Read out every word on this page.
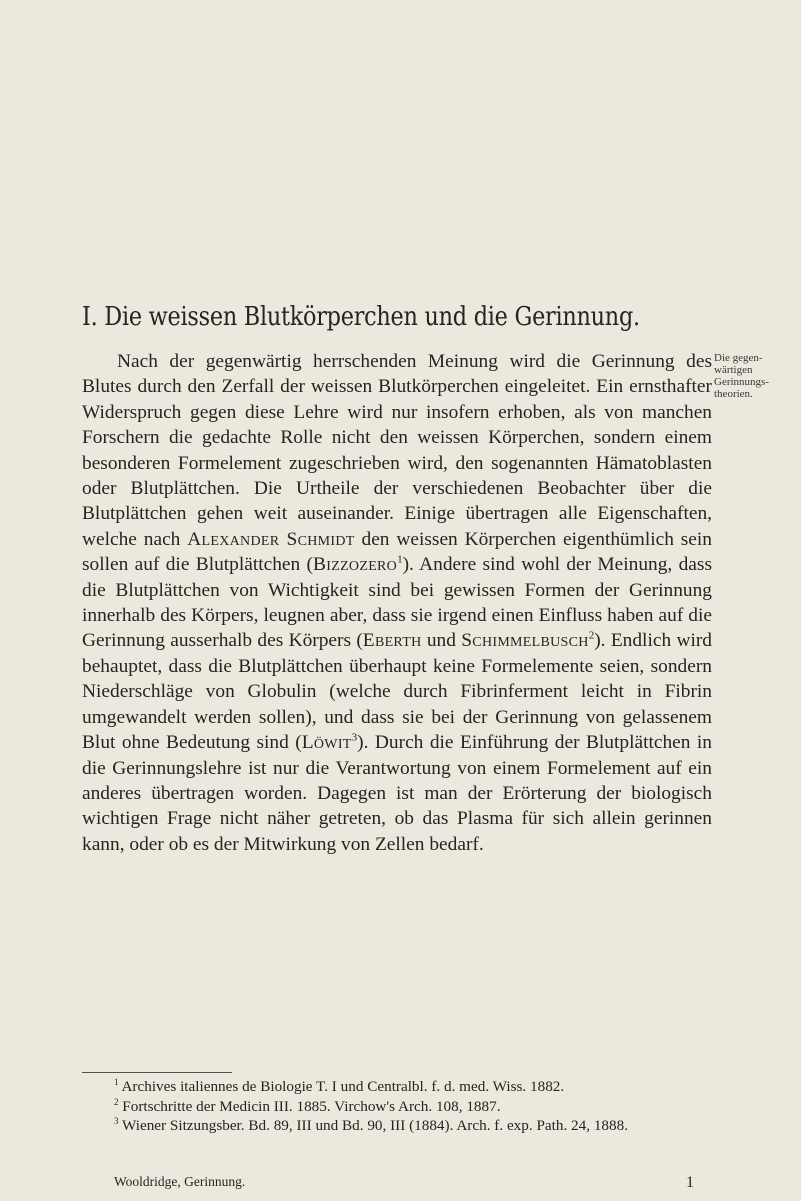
I. Die weissen Blutkörperchen und die Gerinnung.
Die gegen-
wärtigen
Gerinnungs-
theorien.

Nach der gegenwärtig herrschenden Meinung wird die Gerinnung des Blutes durch den Zerfall der weissen Blutkörperchen eingeleitet. Ein ernsthafter Widerspruch gegen diese Lehre wird nur insofern erhoben, als von manchen Forschern die gedachte Rolle nicht den weissen Körperchen, sondern einem besonderen Formelement zugeschrieben wird, den sogenannten Hämatoblasten oder Blutplättchen. Die Urtheile der verschiedenen Beobachter über die Blutplättchen gehen weit auseinander. Einige übertragen alle Eigenschaften, welche nach Alexander Schmidt den weissen Körperchen eigenthümlich sein sollen auf die Blutplättchen (Bizzozero$^1$). Andere sind wohl der Meinung, dass die Blutplättchen von Wichtigkeit sind bei gewissen Formen der Gerinnung innerhalb des Körpers, leugnen aber, dass sie irgend einen Einfluss haben auf die Gerinnung ausserhalb des Körpers (Eberth und Schimmelbusch$^2$). Endlich wird behauptet, dass die Blutplättchen überhaupt keine Formelemente seien, sondern Niederschläge von Globulin (welche durch Fibrinferment leicht in Fibrin umgewandelt werden sollen), und dass sie bei der Gerinnung von gelassenem Blut ohne Bedeutung sind (Löwit$^3$). Durch die Einführung der Blutplättchen in die Gerinnungslehre ist nur die Verantwortung von einem Formelement auf ein anderes übertragen worden. Dagegen ist man der Erörterung der biologisch wichtigen Frage nicht näher getreten, ob das Plasma für sich allein gerinnen kann, oder ob es der Mitwirkung von Zellen bedarf.

$^1$ Archives italiennes de Biologie T. I und Centralbl. f. d. med. Wiss. 1882.

$^2$ Fortschritte der Medicin III. 1885. Virchow's Arch. 108, 1887.

$^3$ Wiener Sitzungsber. Bd. 89, III und Bd. 90, III (1884). Arch. f. exp. Path. 24, 1888.

Wooldridge, Gerinnung.	1
